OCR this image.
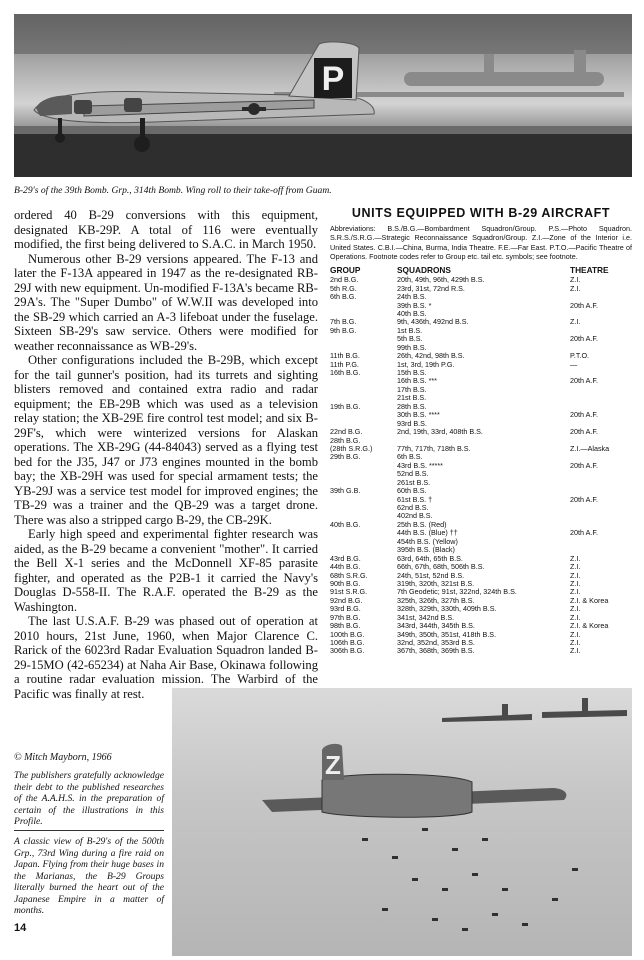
P
B-29's of the 39th Bomb. Grp., 314th Bomb. Wing roll to their take-off from Guam.

ordered 40 B-29 conversions with this equipment, designated KB-29P. A total of 116 were eventually modified, the first being delivered to S.A.C. in March 1950.

Numerous other B-29 versions appeared. The F-13 and later the F-13A appeared in 1947 as the re-designated RB-29J with new equipment. Un-modified F-13A's became RB-29A's. The "Super Dumbo" of W.W.II was developed into the SB-29 which carried an A-3 lifeboat under the fuselage. Sixteen SB-29's saw service. Others were modified for weather reconnaissance as WB-29's.

Other configurations included the B-29B, which except for the tail gunner's position, had its turrets and sighting blisters removed and contained extra radio and radar equipment; the EB-29B which was used as a television relay station; the XB-29E fire control test model; and six B-29F's, which were winterized versions for Alaskan operations. The XB-29G (44-84043) served as a flying test bed for the J35, J47 or J73 engines mounted in the bomb bay; the XB-29H was used for special armament tests; the YB-29J was a service test model for improved engines; the TB-29 was a trainer and the QB-29 was a target drone. There was also a stripped cargo B-29, the CB-29K.

Early high speed and experimental fighter research was aided, as the B-29 became a convenient "mother". It carried the Bell X-1 series and the McDonnell XF-85 parasite fighter, and operated as the P2B-1 it carried the Navy's Douglas D-558-II. The R.A.F. operated the B-29 as the Washington.

The last U.S.A.F. B-29 was phased out of operation at 2010 hours, 21st June, 1960, when Major Clarence C. Rarick of the 6023rd Radar Evaluation Squadron landed B-29-15MO (42-65234) at Naha Air Base, Okinawa following a routine radar evaluation mission. The Warbird of the Pacific was finally at rest.

© Mitch Mayborn, 1966
The publishers gratefully acknowledge their debt to the published researches of the A.A.H.S. in the preparation of certain of the illustrations in this Profile.
A classic view of B-29's of the 500th Grp., 73rd Wing during a fire raid on Japan. Flying from their huge bases in the Marianas, the B-29 Groups literally burned the heart out of the Japanese Empire in a matter of months.
14
UNITS EQUIPPED WITH B-29 AIRCRAFT
Abbreviations: B.S./B.G.—Bombardment Squadron/Group. P.S.—Photo Squadron. S.R.S./S.R.G.—Strategic Reconnaissance Squadron/Group. Z.I.—Zone of the Interior i.e. United States. C.B.I.—China, Burma, India Theatre. F.E.—Far East. P.T.O.—Pacific Theatre of Operations. Footnote codes refer to Group etc. tail etc. symbols; see footnote.
GROUP	SQUADRONS	THEATRE
2nd B.G.	20th, 49th, 96th, 429th B.S.	Z.I.
5th R.G.	23rd, 31st, 72nd R.S.	Z.I.
6th B.G.	24th B.S.
39th B.S. *	20th A.F.
40th B.S.
7th B.G.	9th, 436th, 492nd B.S.	Z.I.
9th B.G.	1st B.S.
5th B.S.	20th A.F.
99th B.S.
11th B.G.	26th, 42nd, 98th B.S.	P.T.O.
11th P.G.	1st, 3rd, 19th P.G.	—
16th B.G.	15th B.S.
16th B.S. ***	20th A.F.
17th B.S.
21st B.S.
19th B.G.	28th B.S.
30th B.S. ****	20th A.F.
93rd B.S.
22nd B.G.	2nd, 19th, 33rd, 408th B.S.	20th A.F.
28th B.G.
(28th S.R.G.)	77th, 717th, 718th B.S.	Z.I.—Alaska
29th B.G.	6th B.S.
43rd B.S. *****	20th A.F.
52nd B.S.
261st B.S.
39th G.B.	60th B.S.
61st B.S. †	20th A.F.
62nd B.S.
402nd B.S.
40th B.G.	25th B.S. (Red)
44th B.S. (Blue) ††	20th A.F.
454th B.S. (Yellow)
395th B.S. (Black)
43rd B.G.	63rd, 64th, 65th B.S.	Z.I.
44th B.G.	66th, 67th, 68th, 506th B.S.	Z.I.
68th S.R.G.	24th, 51st, 52nd B.S.	Z.I.
90th B.G.	319th, 320th, 321st B.S.	Z.I.
91st S.R.G.	7th Geodetic; 91st, 322nd, 324th B.S.	Z.I.
92nd B.G.	325th, 326th, 327th B.S.	Z.I. & Korea
93rd B.G.	328th, 329th, 330th, 409th B.S.	Z.I.
97th B.G.	341st, 342nd B.S.	Z.I.
98th B.G.	343rd, 344th, 345th B.S.	Z.I. & Korea
100th B.G.	349th, 350th, 351st, 418th B.S.	Z.I.
106th B.G.	32nd, 352nd, 353rd B.S.	Z.I.
306th B.G.	367th, 368th, 369th B.S.	Z.I.
Z
